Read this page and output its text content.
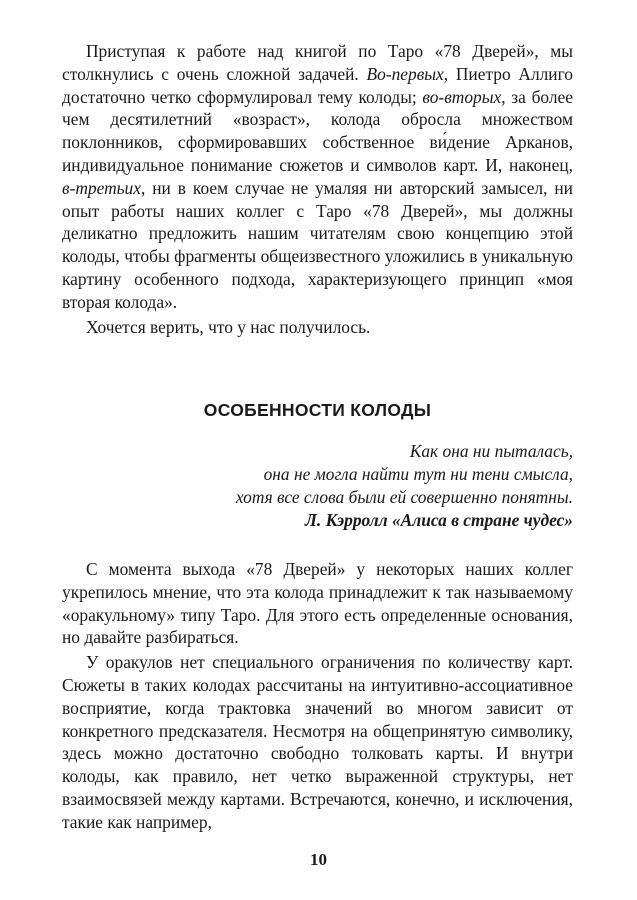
Приступая к работе над книгой по Таро «78 Дверей», мы столкнулись с очень сложной задачей. Во-первых, Пиетро Аллиго достаточно четко сформулировал тему колоды; во-вторых, за более чем десятилетний «возраст», колода обросла множеством поклонников, сформировавших собственное ви́дение Арканов, индивидуальное понимание сюжетов и символов карт. И, наконец, в-третьих, ни в коем случае не умаляя ни авторский замысел, ни опыт работы наших коллег с Таро «78 Дверей», мы должны деликатно предложить нашим читателям свою концепцию этой колоды, чтобы фрагменты общеизвестного уложились в уникальную картину особенного подхода, характеризующего принцип «моя вторая колода».

Хочется верить, что у нас получилось.

ОСОБЕННОСТИ КОЛОДЫ
Как она ни пыталась,
она не могла найти тут ни тени смысла,
хотя все слова были ей совершенно понятны.
Л. Кэрролл «Алиса в стране чудес»

С момента выхода «78 Дверей» у некоторых наших коллег укрепилось мнение, что эта колода принадлежит к так называемому «оракульному» типу Таро. Для этого есть определенные основания, но давайте разбираться.

У оракулов нет специального ограничения по количеству карт. Сюжеты в таких колодах рассчитаны на интуитивно-ассоциативное восприятие, когда трактовка значений во многом зависит от конкретного предсказателя. Несмотря на общепринятую символику, здесь можно достаточно свободно толковать карты. И внутри колоды, как правило, нет четко выраженной структуры, нет взаимосвязей между картами. Встречаются, конечно, и исключения, такие как например,

10
